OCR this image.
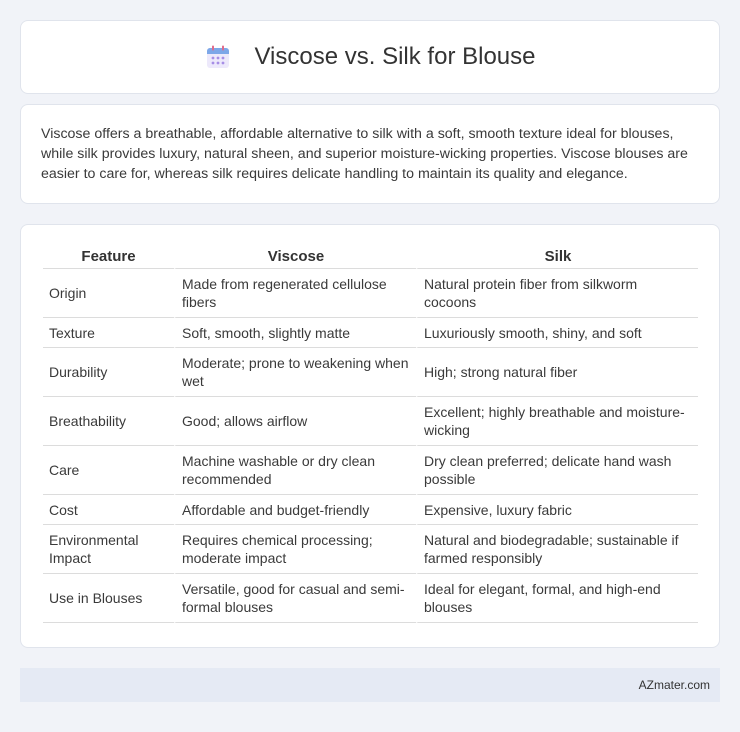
Viscose vs. Silk for Blouse

Viscose offers a breathable, affordable alternative to silk with a soft, smooth texture ideal for blouses, while silk provides luxury, natural sheen, and superior moisture-wicking properties. Viscose blouses are easier to care for, whereas silk requires delicate handling to maintain its quality and elegance.

Feature	Viscose	Silk
Origin	Made from regenerated cellulose fibers	Natural protein fiber from silkworm cocoons
Texture	Soft, smooth, slightly matte	Luxuriously smooth, shiny, and soft
Durability	Moderate; prone to weakening when wet	High; strong natural fiber
Breathability	Good; allows airflow	Excellent; highly breathable and moisture-wicking
Care	Machine washable or dry clean recommended	Dry clean preferred; delicate hand wash possible
Cost	Affordable and budget-friendly	Expensive, luxury fabric
Environmental Impact	Requires chemical processing; moderate impact	Natural and biodegradable; sustainable if farmed responsibly
Use in Blouses	Versatile, good for casual and semi-formal blouses	Ideal for elegant, formal, and high-end blouses
AZmater.com
